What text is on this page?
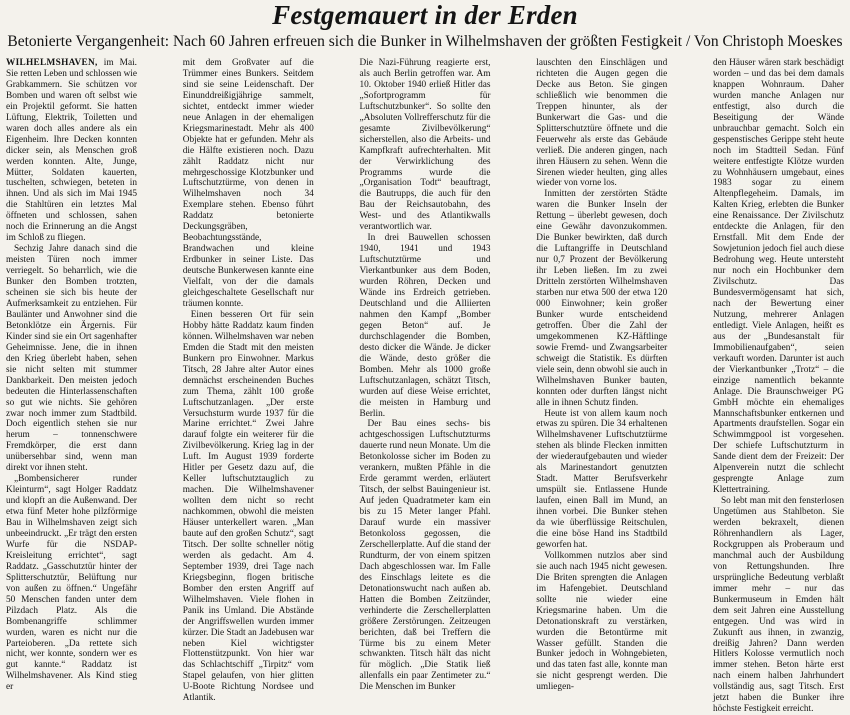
Festgemauert in der Erden
Betonierte Vergangenheit: Nach 60 Jahren erfreuen sich die Bunker in Wilhelmshaven der größten Festigkeit / Von Christoph Moeskes

WILHELMSHAVEN, im Mai. Sie retten Leben und schlossen wie Grabkammern. Sie schützen vor Bomben und waren oft selbst wie ein Projektil geformt. Sie hatten Lüftung, Elektrik, Toiletten und waren doch alles andere als ein Eigenheim. Ihre Decken konnten dicker sein, als Menschen groß werden konnten. Alte, Junge, Mütter, Soldaten kauerten, tuschelten, schwiegen, beteten in ihnen. Und als sich im Mai 1945 die Stahltüren ein letztes Mal öffneten und schlossen, sahen noch die Erinnerung an die Angst im Schloß zu fliegen.

Sechzig Jahre danach sind die meisten Türen noch immer verriegelt. So beharrlich, wie die Bunker den Bomben trotzten, scheinen sie sich bis heute der Aufmerksamkeit zu entziehen. Für Baulänter und Anwohner sind die Betonklötze ein Ärgernis. Für Kinder sind sie ein Ort sagenhafter Geheimnisse. Jene, die in ihnen den Krieg überlebt haben, sehen sie nicht selten mit stummer Dankbarkeit. Den meisten jedoch bedeuten die Hinterlassenschaften so gut wie nichts. Sie gehören zwar noch immer zum Stadtbild. Doch eigentlich stehen sie nur herum – tonnenschwere Fremdkörper, die erst dann unübersehbar sind, wenn man direkt vor ihnen steht.

„Bombensicherer runder Kleinturm“, sagt Holger Raddatz und klopft an die Außenwand. Der etwa fünf Meter hohe pilzförmige Bau in Wilhelmshaven zeigt sich unbeeindruckt. „Er trägt den ersten Wurfe für die NSDAP-Kreisleitung errichtet“, sagt Raddatz. „Gasschutztür hinter der Splitterschutztür, Belüftung nur von außen zu öffnen.“ Ungefähr 50 Menschen fanden unter dem Pilzdach Platz. Als die Bombenangriffe schlimmer wurden, waren es nicht nur die Parteioberen. „Da rettete sich nicht, wer konnte, sondern wer es gut kannte.“ Raddatz ist Wilhelmshavener. Als Kind stieg er

mit dem Großvater auf die Trümmer eines Bunkers. Seitdem sind sie seine Leidenschaft. Der Einunddreißigjährige sammelt, sichtet, entdeckt immer wieder neue Anlagen in der ehemaligen Kriegsmarinestadt. Mehr als 400 Objekte hat er gefunden. Mehr als die Hälfte existieren noch. Dazu zählt Raddatz nicht nur mehrgeschossige Klotzbunker und Luftschutztürme, von denen in Wilhelmshaven noch 34 Exemplare stehen. Ebenso führt Raddatz betonierte Deckungsgräben, Beobachtungsstände, Brandwachen und kleine Erdbunker in seiner Liste. Das deutsche Bunkerwesen kannte eine Vielfalt, von der die damals gleichgeschaltete Gesellschaft nur träumen konnte.

Einen besseren Ort für sein Hobby hätte Raddatz kaum finden können. Wilhelmshaven war neben Emden die Stadt mit den meisten Bunkern pro Einwohner. Markus Titsch, 28 Jahre alter Autor eines demnächst erscheinenden Buches zum Thema, zählt 100 große Luftschutzanlagen. „Der erste Versuchsturm wurde 1937 für die Marine errichtet.“ Zwei Jahre darauf folgte ein weiterer für die Zivilbevölkerung. Krieg lag in der Luft. Im August 1939 forderte Hitler per Gesetz dazu auf, die Keller luftschutztauglich zu machen. Die Wilhelmshavener wollten dem nicht so recht nachkommen, obwohl die meisten Häuser unterkellert waren. „Man baute auf den großen Schutz“, sagt Titsch. Der sollte schneller nötig werden als gedacht. Am 4. September 1939, drei Tage nach Kriegsbeginn, flogen britische Bomber den ersten Angriff auf Wilhelmshaven. Viele flohen in Panik ins Umland. Die Abstände der Angriffswellen wurden immer kürzer. Die Stadt an Jadebusen war neben Kiel wichtigster Flottenstützpunkt. Von hier war das Schlachtschiff „Tirpitz“ vom Stapel gelaufen, von hier glitten U-Boote Richtung Nordsee und Atlantik.

Die Nazi-Führung reagierte erst, als auch Berlin getroffen war. Am 10. Oktober 1940 erließ Hitler das „Sofortprogramm für Luftschutzbunker“. So sollte den „Absoluten Vollrefferschutz für die gesamte Zivilbevölkerung“ sicherstellen, also die Arbeits- und Kampfkraft aufrechterhalten. Mit der Verwirklichung des Programms wurde die „Organisation Todt“ beauftragt, die Bautrupps, die auch für den Bau der Reichsautobahn, des West- und des Atlantikwalls verantwortlich war.

In drei Bauwellen schossen 1940, 1941 und 1943 Luftschutztürme und Vierkantbunker aus dem Boden, wurden Röhren, Decken und Wände ins Erdreich getrieben. Deutschland und die Alliierten nahmen den Kampf „Bomber gegen Beton“ auf. Je durchschlagender die Bomben, desto dicker die Wände. Je dicker die Wände, desto größer die Bomben. Mehr als 1000 große Luftschutzanlagen, schätzt Titsch, wurden auf diese Weise errichtet, die meisten in Hamburg und Berlin.

Der Bau eines sechs- bis achtgeschossigen Luftschutzturms dauerte rund neun Monate. Um die Betonkolosse sicher im Boden zu verankern, mußten Pfähle in die Erde gerammt werden, erläutert Titsch, der selbst Bauingenieur ist. Auf jeden Quadratmeter kam ein bis zu 15 Meter langer Pfahl. Darauf wurde ein massiver Betonkoloss gegossen, die Zerschellerplatte. Auf die stand der Rundturm, der von einem spitzen Dach abgeschlossen war. Im Falle des Einschlags leitete es die Detonationswucht nach außen ab. Hatten die Bomben Zeitzünder, verhinderte die Zerschellerplatten größere Zerstörungen. Zeitzeugen berichten, daß bei Treffern die Türme bis zu einem Meter schwankten. Titsch hält das nicht für möglich. „Die Statik ließ allenfalls ein paar Zentimeter zu.“ Die Menschen im Bunker

lauschten den Einschlägen und richteten die Augen gegen die Decke aus Beton. Sie gingen schließlich wie benommen die Treppen hinunter, als der Bunkerwart die Gas- und die Splitterschutztüre öffnete und die Feuerwehr als erste das Gebäude verließ. Die anderen gingen, nach ihren Häusern zu sehen. Wenn die Sirenen wieder heulten, ging alles wieder von vorne los.

Inmitten der zerstörten Städte waren die Bunker Inseln der Rettung – überlebt gewesen, doch eine Gewähr davonzukommen. Die Bunker bewirkten, daß durch die Luftangriffe in Deutschland nur 0,7 Prozent der Bevölkerung ihr Leben ließen. Im zu zwei Dritteln zerstörten Wilhelmshaven starben nur etwa 500 der etwa 120 000 Einwohner; kein großer Bunker wurde entscheidend getroffen. Über die Zahl der umgekommenen KZ-Häftlinge sowie Fremd- und Zwangsarbeiter schweigt die Statistik. Es dürften viele sein, denn obwohl sie auch in Wilhelmshaven Bunker bauten, konnten oder durften längst nicht alle in ihnen Schutz finden.

Heute ist von allem kaum noch etwas zu spüren. Die 34 erhaltenen Wilhelmshavener Luftschutztürme stehen als blinde Flecken inmitten der wiederaufgebauten und wieder als Marinestandort genutzten Stadt. Matter Berufsverkehr umspült sie. Entlassene Hunde laufen, einen Ball im Mund, an ihnen vorbei. Die Bunker stehen da wie überflüssige Reitschulen, die eine böse Hand ins Stadtbild geworfen hat.

Vollkommen nutzlos aber sind sie auch nach 1945 nicht gewesen. Die Briten sprengten die Anlagen im Hafengebiet. Deutschland sollte nie wieder eine Kriegsmarine haben. Um die Detonationskraft zu verstärken, wurden die Betontürme mit Wasser gefüllt. Standen die Bunker jedoch in Wohngebieten, und das taten fast alle, konnte man sie nicht gesprengt werden. Die umliegen-

den Häuser wären stark beschädigt worden – und das bei dem damals knappen Wohnraum. Daher wurden manche Anlagen nur entfestigt, also durch die Beseitigung der Wände unbrauchbar gemacht. Solch ein gespenstisches Gerippe steht heute noch im Stadtteil Sedan. Fünf weitere entfestigte Klötze wurden zu Wohnhäusern umgebaut, eines 1983 sogar zu einem Altenpflegeheim. Damals, im Kalten Krieg, erlebten die Bunker eine Renaissance. Der Zivilschutz entdeckte die Anlagen, für den Ernstfall. Mit dem Ende der Sowjetunion jedoch fiel auch diese Bedrohung weg. Heute untersteht nur noch ein Hochbunker dem Zivilschutz. Das Bundesvermögensamt hat sich, nach der Bewertung einer Nutzung, mehrerer Anlagen entledigt. Viele Anlagen, heißt es aus der „Bundesanstalt für Immobilienaufgaben“, seien verkauft worden. Darunter ist auch der Vierkantbunker „Trotz“ – die einzige namentlich bekannte Anlage. Die Braunschweiger PG GmbH möchte ein ehemaliges Mannschaftsbunker entkernen und Apartments draufstellen. Sogar ein Schwimmgpool ist vorgesehen. Der schiefe Luftschutzturm in Sande dient dem der Freizeit: Der Alpenverein nutzt die schlecht gesprengte Anlage zum Klettertraining.

So lebt man mit den fensterlosen Ungetümen aus Stahlbeton. Sie werden bekraxelt, dienen Röhrenhandlern als Lager, Rockgruppen als Proberaum und manchmal auch der Ausbildung von Rettungshunden. Ihre ursprüngliche Bedeutung verblaßt immer mehr – nur das Bunkermuseum in Emden hält dem seit Jahren eine Ausstellung entgegen. Und was wird in Zukunft aus ihnen, in zwanzig, dreißig Jahren? Dann werden Hitlers Kolosse vermutlich noch immer stehen. Beton härte erst nach einem halben Jahrhundert vollständig aus, sagt Titsch. Erst jetzt haben die Bunker ihre höchste Festigkeit erreicht.
